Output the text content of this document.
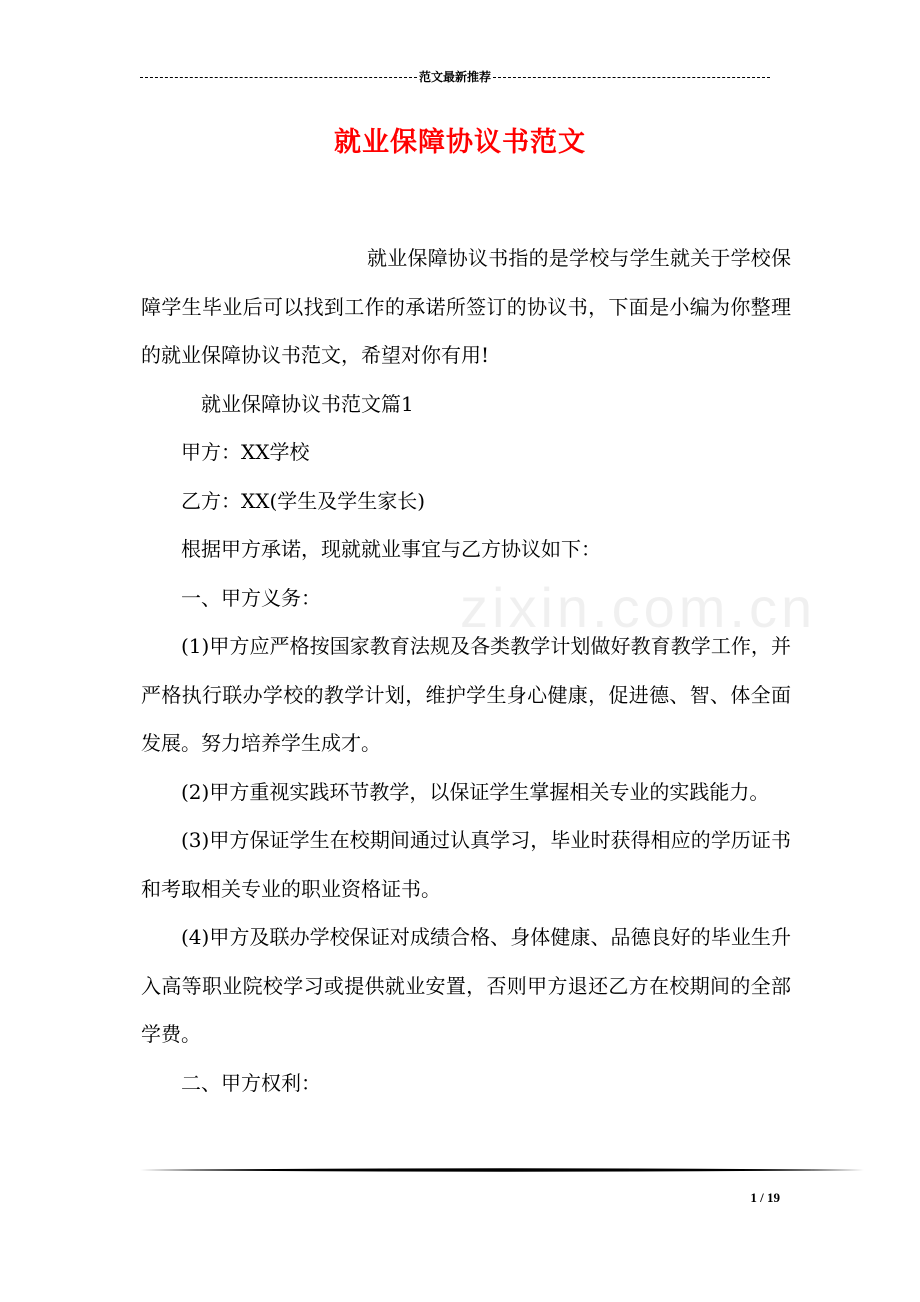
范文最新推荐
就业保障协议书范文
zixin.com.cn

就业保障协议书指的是学校与学生就关于学校保障学生毕业后可以找到工作的承诺所签订的协议书，下面是小编为你整理的就业保障协议书范文，希望对你有用!

就业保障协议书范文篇1

甲方：XX学校

乙方：XX(学生及学生家长)

根据甲方承诺，现就就业事宜与乙方协议如下：

一、甲方义务：

(1)甲方应严格按国家教育法规及各类教学计划做好教育教学工作，并严格执行联办学校的教学计划，维护学生身心健康，促进德、智、体全面发展。努力培养学生成才。

(2)甲方重视实践环节教学，以保证学生掌握相关专业的实践能力。

(3)甲方保证学生在校期间通过认真学习，毕业时获得相应的学历证书和考取相关专业的职业资格证书。

(4)甲方及联办学校保证对成绩合格、身体健康、品德良好的毕业生升入高等职业院校学习或提供就业安置，否则甲方退还乙方在校期间的全部学费。

二、甲方权利：

1 / 19
